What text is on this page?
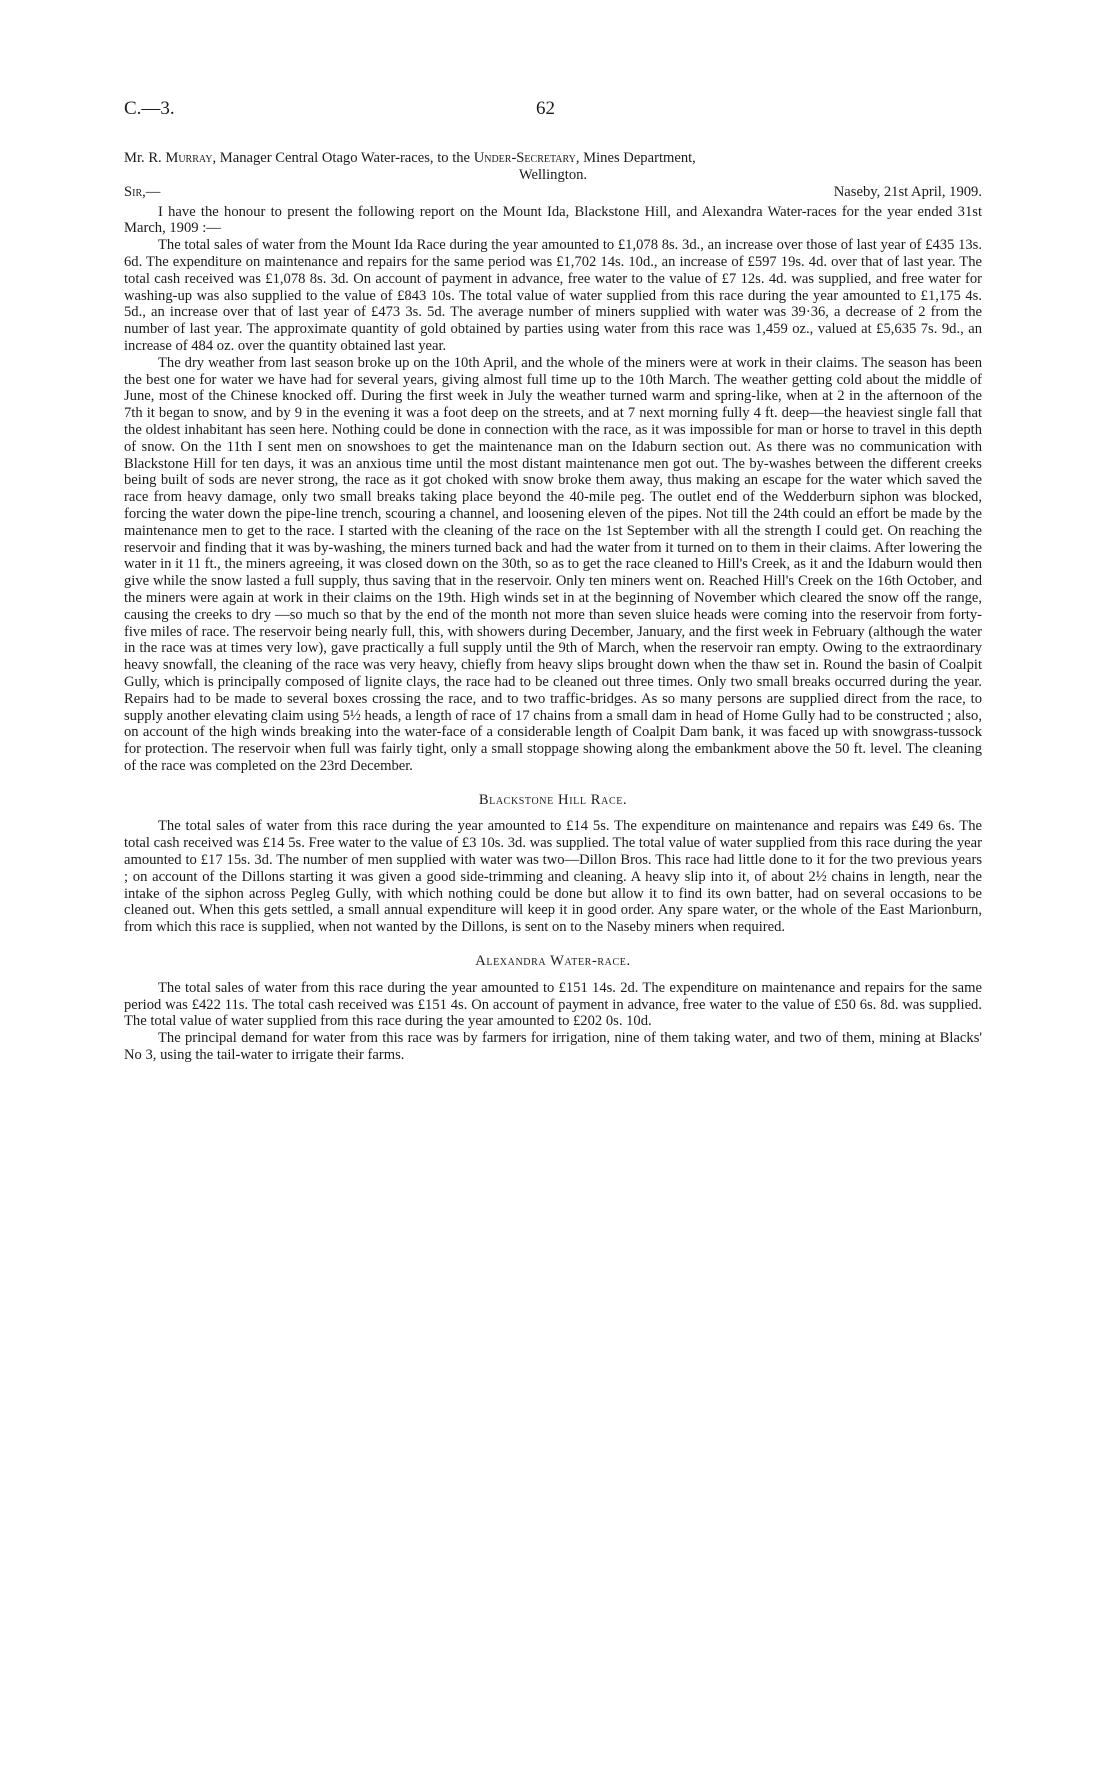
C.—3.	62

Mr. R. Murray, Manager Central Otago Water-races, to the Under-Secretary, Mines Department,

Wellington.

Sir,—	Naseby, 21st April, 1909.

I have the honour to present the following report on the Mount Ida, Blackstone Hill, and Alexandra Water-races for the year ended 31st March, 1909 :—

The total sales of water from the Mount Ida Race during the year amounted to £1,078 8s. 3d., an increase over those of last year of £435 13s. 6d. The expenditure on maintenance and repairs for the same period was £1,702 14s. 10d., an increase of £597 19s. 4d. over that of last year. The total cash received was £1,078 8s. 3d. On account of payment in advance, free water to the value of £7 12s. 4d. was supplied, and free water for washing-up was also supplied to the value of £843 10s. The total value of water supplied from this race during the year amounted to £1,175 4s. 5d., an increase over that of last year of £473 3s. 5d. The average number of miners supplied with water was 39·36, a decrease of 2 from the number of last year. The approximate quantity of gold obtained by parties using water from this race was 1,459 oz., valued at £5,635 7s. 9d., an increase of 484 oz. over the quantity obtained last year.

The dry weather from last season broke up on the 10th April, and the whole of the miners were at work in their claims. The season has been the best one for water we have had for several years, giving almost full time up to the 10th March. The weather getting cold about the middle of June, most of the Chinese knocked off. During the first week in July the weather turned warm and spring-like, when at 2 in the afternoon of the 7th it began to snow, and by 9 in the evening it was a foot deep on the streets, and at 7 next morning fully 4 ft. deep—the heaviest single fall that the oldest inhabitant has seen here. Nothing could be done in connection with the race, as it was impossible for man or horse to travel in this depth of snow. On the 11th I sent men on snowshoes to get the maintenance man on the Idaburn section out. As there was no communication with Blackstone Hill for ten days, it was an anxious time until the most distant maintenance men got out. The by-washes between the different creeks being built of sods are never strong, the race as it got choked with snow broke them away, thus making an escape for the water which saved the race from heavy damage, only two small breaks taking place beyond the 40-mile peg. The outlet end of the Wedderburn siphon was blocked, forcing the water down the pipe-line trench, scouring a channel, and loosening eleven of the pipes. Not till the 24th could an effort be made by the maintenance men to get to the race. I started with the cleaning of the race on the 1st September with all the strength I could get. On reaching the reservoir and finding that it was by-washing, the miners turned back and had the water from it turned on to them in their claims. After lowering the water in it 11 ft., the miners agreeing, it was closed down on the 30th, so as to get the race cleaned to Hill's Creek, as it and the Idaburn would then give while the snow lasted a full supply, thus saving that in the reservoir. Only ten miners went on. Reached Hill's Creek on the 16th October, and the miners were again at work in their claims on the 19th. High winds set in at the beginning of November which cleared the snow off the range, causing the creeks to dry —so much so that by the end of the month not more than seven sluice heads were coming into the reservoir from forty-five miles of race. The reservoir being nearly full, this, with showers during December, January, and the first week in February (although the water in the race was at times very low), gave practically a full supply until the 9th of March, when the reservoir ran empty. Owing to the extraordinary heavy snowfall, the cleaning of the race was very heavy, chiefly from heavy slips brought down when the thaw set in. Round the basin of Coalpit Gully, which is principally composed of lignite clays, the race had to be cleaned out three times. Only two small breaks occurred during the year. Repairs had to be made to several boxes crossing the race, and to two traffic-bridges. As so many persons are supplied direct from the race, to supply another elevating claim using 5½ heads, a length of race of 17 chains from a small dam in head of Home Gully had to be constructed ; also, on account of the high winds breaking into the water-face of a considerable length of Coalpit Dam bank, it was faced up with snowgrass-tussock for protection. The reservoir when full was fairly tight, only a small stoppage showing along the embankment above the 50 ft. level. The cleaning of the race was completed on the 23rd December.

Blackstone Hill Race.

The total sales of water from this race during the year amounted to £14 5s. The expenditure on maintenance and repairs was £49 6s. The total cash received was £14 5s. Free water to the value of £3 10s. 3d. was supplied. The total value of water supplied from this race during the year amounted to £17 15s. 3d. The number of men supplied with water was two—Dillon Bros. This race had little done to it for the two previous years ; on account of the Dillons starting it was given a good side-trimming and cleaning. A heavy slip into it, of about 2½ chains in length, near the intake of the siphon across Pegleg Gully, with which nothing could be done but allow it to find its own batter, had on several occasions to be cleaned out. When this gets settled, a small annual expenditure will keep it in good order. Any spare water, or the whole of the East Marionburn, from which this race is supplied, when not wanted by the Dillons, is sent on to the Naseby miners when required.

Alexandra Water-race.

The total sales of water from this race during the year amounted to £151 14s. 2d. The expenditure on maintenance and repairs for the same period was £422 11s. The total cash received was £151 4s. On account of payment in advance, free water to the value of £50 6s. 8d. was supplied. The total value of water supplied from this race during the year amounted to £202 0s. 10d.

The principal demand for water from this race was by farmers for irrigation, nine of them taking water, and two of them, mining at Blacks' No 3, using the tail-water to irrigate their farms.
